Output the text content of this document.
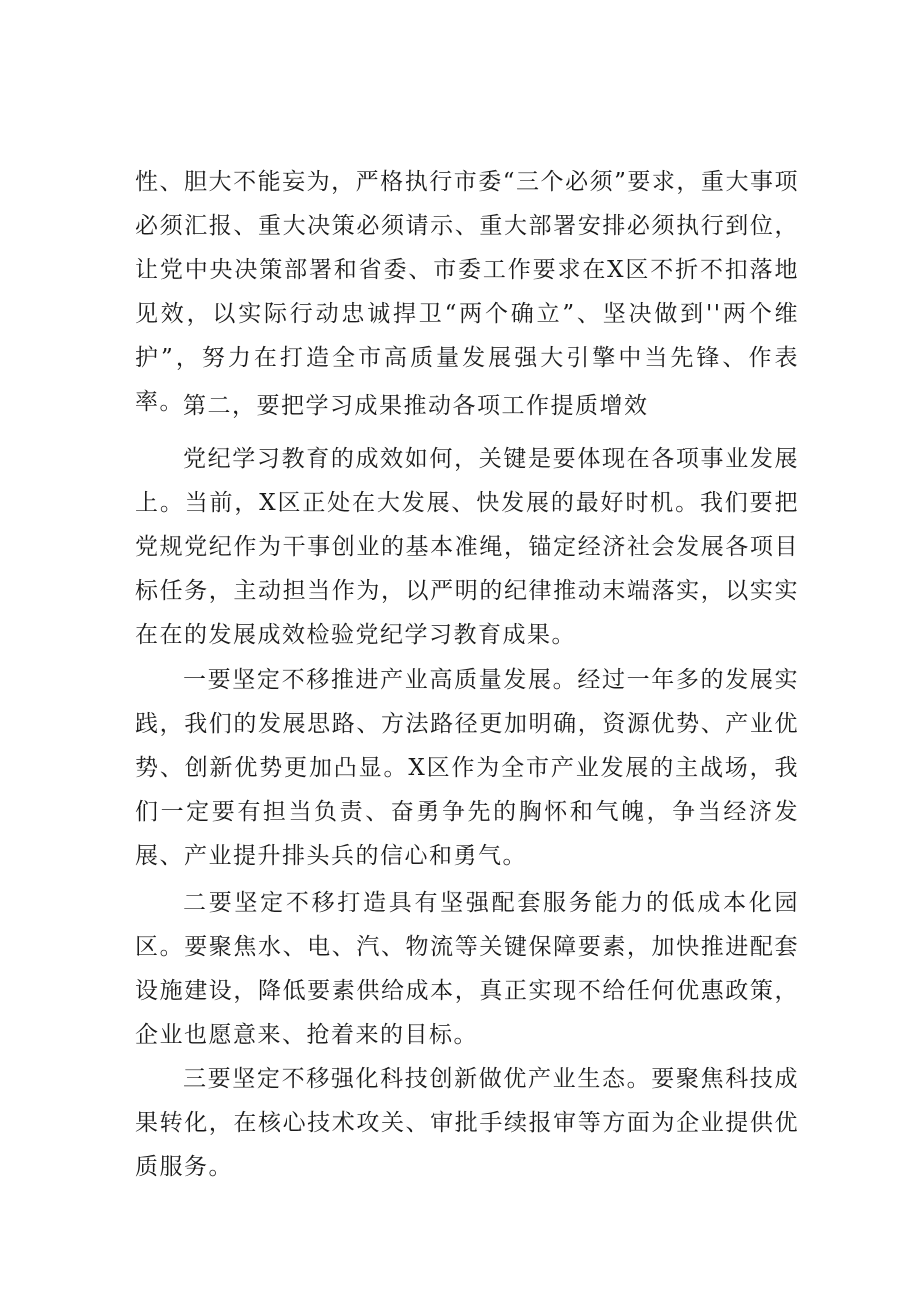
性、胆大不能妄为，严格执行市委“三个必须”要求，重大事项必须汇报、重大决策必须请示、重大部署安排必须执行到位，让党中央决策部署和省委、市委工作要求在X区不折不扣落地见效，以实际行动忠诚捍卫“两个确立”、坚决做到''两个维护”，努力在打造全市高质量发展强大引擎中当先锋、作表率。 第二，要把学习成果推动各项工作提质增效

党纪学习教育的成效如何，关键是要体现在各项事业发展上。当前，X区正处在大发展、快发展的最好时机。我们要把党规党纪作为干事创业的基本准绳，锚定经济社会发展各项目标任务，主动担当作为，以严明的纪律推动末端落实，以实实在在的发展成效检验党纪学习教育成果。

一要坚定不移推进产业高质量发展。经过一年多的发展实践，我们的发展思路、方法路径更加明确，资源优势、产业优势、创新优势更加凸显。X区作为全市产业发展的主战场，我们一定要有担当负责、奋勇争先的胸怀和气魄，争当经济发展、产业提升排头兵的信心和勇气。

二要坚定不移打造具有坚强配套服务能力的低成本化园区。要聚焦水、电、汽、物流等关键保障要素，加快推进配套设施建设，降低要素供给成本，真正实现不给任何优惠政策，企业也愿意来、抢着来的目标。

三要坚定不移强化科技创新做优产业生态。要聚焦科技成果转化，在核心技术攻关、审批手续报审等方面为企业提供优质服务。
